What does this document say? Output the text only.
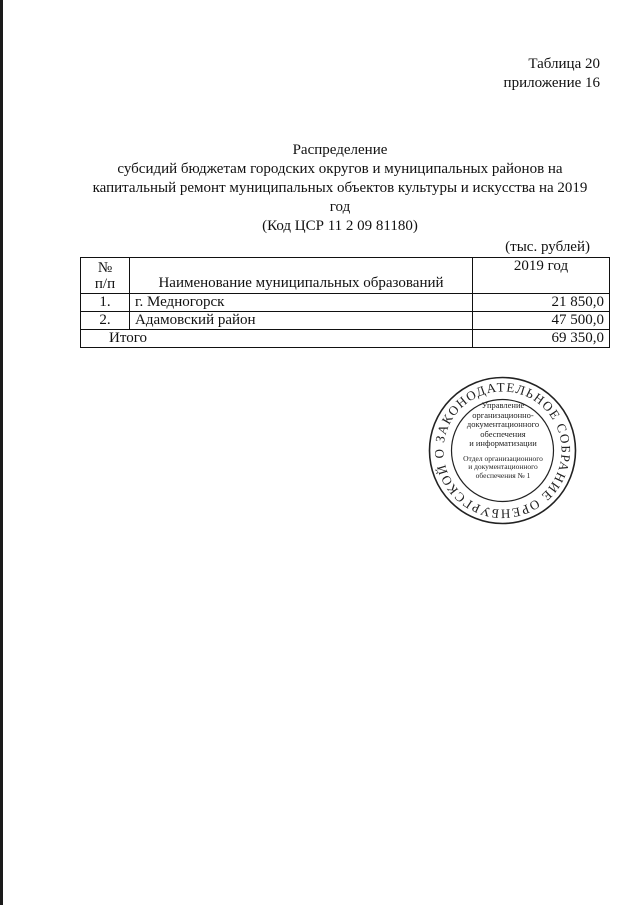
Таблица 20
приложение 16
Распределение
субсидий бюджетам городских округов и муниципальных районов на
капитальный ремонт муниципальных объектов культуры и искусства на 2019
год
(Код ЦСР 11 2 09 81180)
(тыс. рублей)
№
п/п	Наименование муниципальных образований	2019 год
1.	г. Медногорск	21 850,0
2.	Адамовский район	47 500,0
Итого		69 350,0
ЗАКОНОДАТЕЛЬНОЕ СОБРАНИЕ ОРЕНБУРГСКОЙ О
Управление
организационно-
документационного
обеспечения
и информатизации
Отдел организационного
и документационного
обеспечения № 1
